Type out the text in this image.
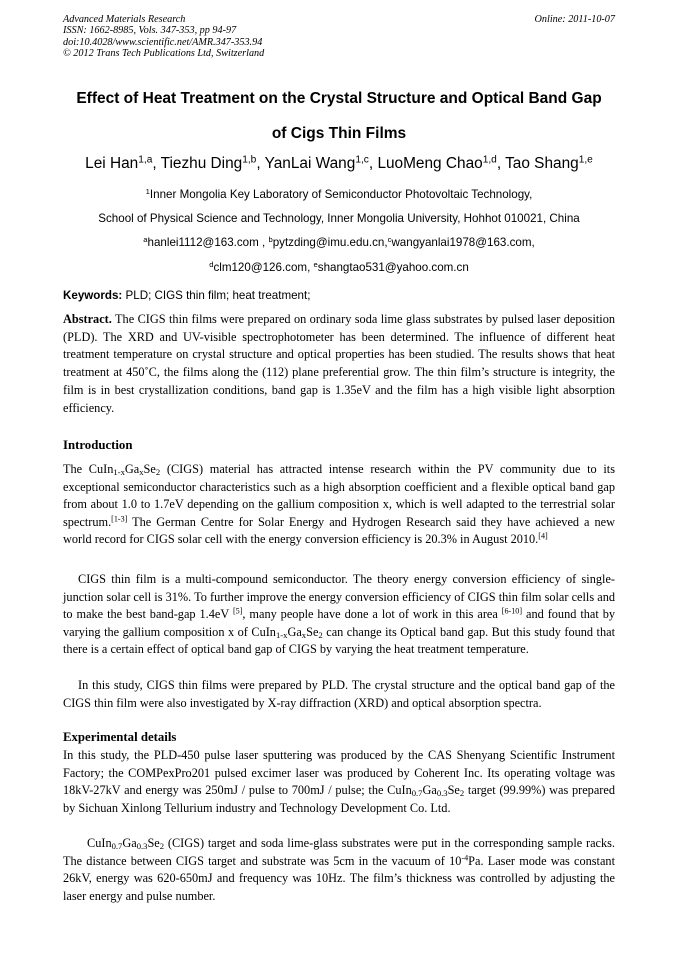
Advanced Materials Research
ISSN: 1662-8985, Vols. 347-353, pp 94-97
doi:10.4028/www.scientific.net/AMR.347-353.94
© 2012 Trans Tech Publications Ltd, Switzerland
Online: 2011-10-07
Effect of Heat Treatment on the Crystal Structure and Optical Band Gap
of Cigs Thin Films
Lei Han$^{1,a}$, Tiezhu Ding$^{1,b}$, YanLai Wang$^{1,c}$, LuoMeng Chao$^{1,d}$, Tao Shang$^{1,e}$
$^1$Inner Mongolia Key Laboratory of Semiconductor Photovoltaic Technology,
School of Physical Science and Technology, Inner Mongolia University, Hohhot 010021, China
$^a$hanlei1112@163.com , $^b$pytzding@imu.edu.cn,$^c$wangyanlai1978@163.com,
$^d$clm120@126.com, $^e$shangtao531@yahoo.com.cn
Keywords: PLD; CIGS thin film; heat treatment;

Abstract. The CIGS thin films were prepared on ordinary soda lime glass substrates by pulsed laser deposition (PLD). The XRD and UV-visible spectrophotometer has been determined. The influence of different heat treatment temperature on crystal structure and optical properties has been studied. The results shows that heat treatment at 450˚C, the films along the (112) plane preferential grow. The thin film’s structure is integrity, the film is in best crystallization conditions, band gap is 1.35eV and the film has a high visible light absorption efficiency.

Introduction

The $CuIn_{1-x}Ga_xSe_2$ (CIGS) material has attracted intense research within the PV community due to its exceptional semiconductor characteristics such as a high absorption coefficient and a flexible optical band gap from about 1.0 to 1.7eV depending on the gallium composition x, which is well adapted to the terrestrial solar spectrum.[1-3] The German Centre for Solar Energy and Hydrogen Research said they have achieved a new world record for CIGS solar cell with the energy conversion efficiency is 20.3% in August 2010.[4]

CIGS thin film is a multi-compound semiconductor. The theory energy conversion efficiency of single-junction solar cell is 31%. To further improve the energy conversion efficiency of CIGS thin film solar cells and to make the best band-gap 1.4eV [5], many people have done a lot of work in this area [6-10] and found that by varying the gallium composition x of $CuIn_{1-x}Ga_xSe_2$ can change its Optical band gap. But this study found that there is a certain effect of optical band gap of CIGS by varying the heat treatment temperature.

In this study, CIGS thin films were prepared by PLD. The crystal structure and the optical band gap of the CIGS thin film were also investigated by X-ray diffraction (XRD) and optical absorption spectra.

Experimental details

In this study, the PLD-450 pulse laser sputtering was produced by the CAS Shenyang Scientific Instrument Factory; the COMPexPro201 pulsed excimer laser was produced by Coherent Inc. Its operating voltage was 18kV-27kV and energy was 250mJ / pulse to 700mJ / pulse; the $CuIn_{0.7}Ga_{0.3}Se_2$ target (99.99%) was prepared by Sichuan Xinlong Tellurium industry and Technology Development Co. Ltd.

$CuIn_{0.7}Ga_{0.3}Se_2$ (CIGS) target and soda lime-glass substrates were put in the corresponding sample racks. The distance between CIGS target and substrate was 5cm in the vacuum of $10^{-4}Pa$. Laser mode was constant 26kV, energy was 620-650mJ and frequency was 10Hz. The film’s thickness was controlled by adjusting the laser energy and pulse number.
